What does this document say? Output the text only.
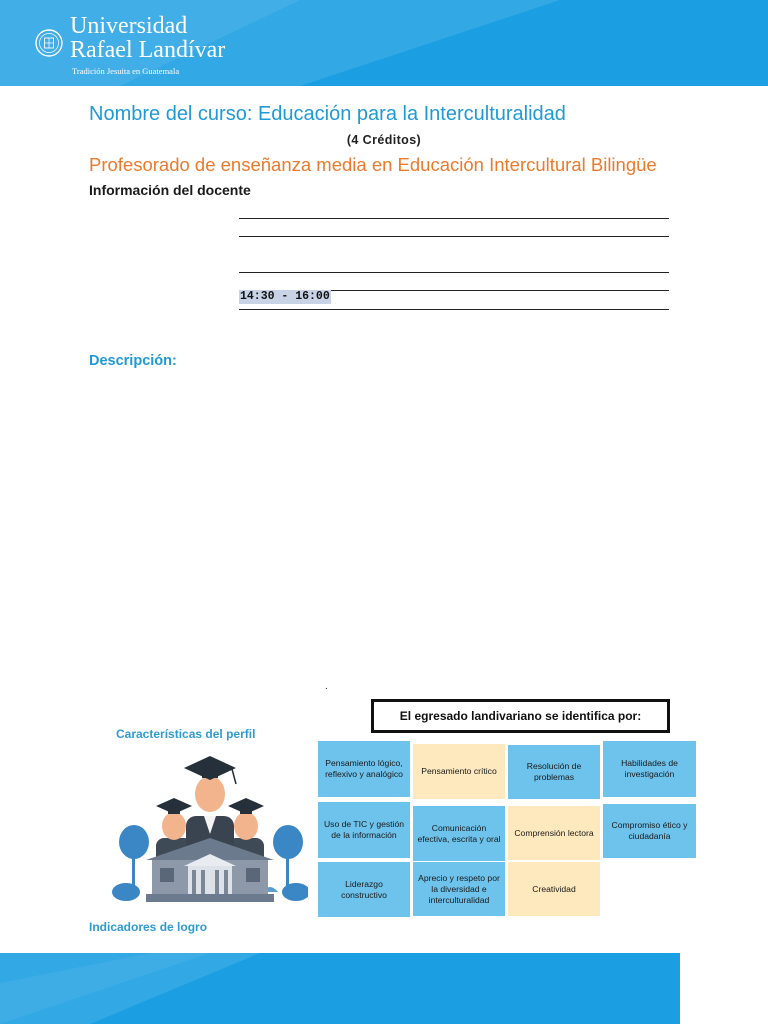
Universidad
Rafael Landívar
Tradición Jesuita en Guatemala
Nombre del curso: Educación para la Interculturalidad
(4 Créditos)
Profesorado de enseñanza media en Educación Intercultural Bilingüe
Información del docente
14:30 - 16:00
Descripción:
.
El egresado landivariano se identifica por:
Características del perfil
Indicadores de logro
Pensamiento lógico, reflexivo y analógico	Pensamiento crítico	Resolución de problemas
Habilidades de investigación
Uso de TIC y gestión de la información
Comunicación efectiva, escrita y oral
Comprensión lectora
Compromiso ético y ciudadanía
Liderazgo constructivo
Aprecio y respeto por la diversidad e interculturalidad
Creatividad
